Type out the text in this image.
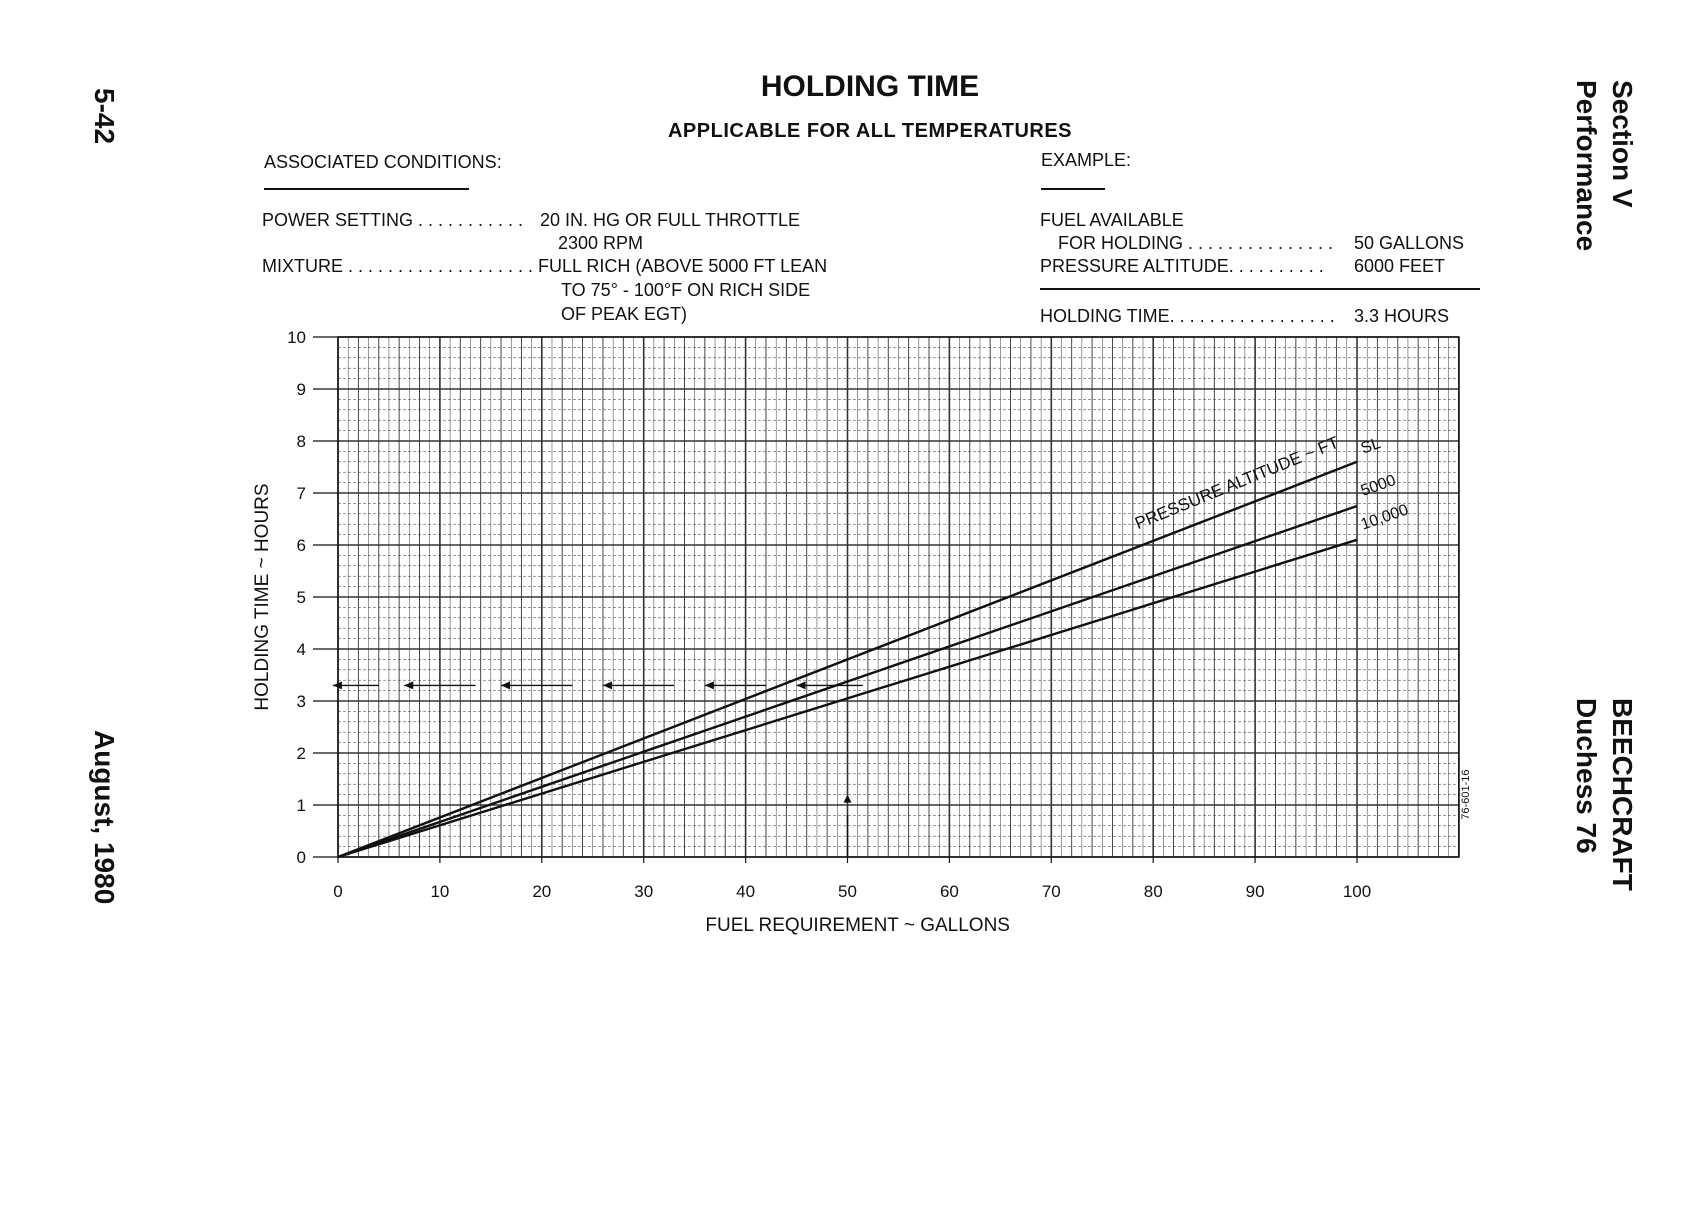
5-42
August, 1980
Section V
Performance
BEECHCRAFT
Duchess 76
HOLDING TIME
APPLICABLE FOR ALL TEMPERATURES
ASSOCIATED CONDITIONS:
POWER SETTING . . . . . . . . . . . 20 IN. HG OR FULL THROTTLE
2300 RPM
MIXTURE . . . . . . . . . . . . . . . . . . . FULL RICH (ABOVE 5000 FT LEAN
TO 75° - 100°F ON RICH SIDE
OF PEAK EGT)
EXAMPLE:
FUEL AVAILABLE
FOR HOLDING . . . . . . . . . . . . . . . 50 GALLONS
PRESSURE ALTITUDE. . . . . . . . . . 6000 FEET
HOLDING TIME. . . . . . . . . . . . . . . . . 3.3 HOURS
0
1
2
3
4
5
6
7
8
9
10
0	10	20	30	40	50	60	70	80	90	100
SL
5000
10,000
PRESSURE ALTITUDE ~ FT
FUEL REQUIREMENT ~ GALLONS
HOLDING TIME ~ HOURS
76-601-16
